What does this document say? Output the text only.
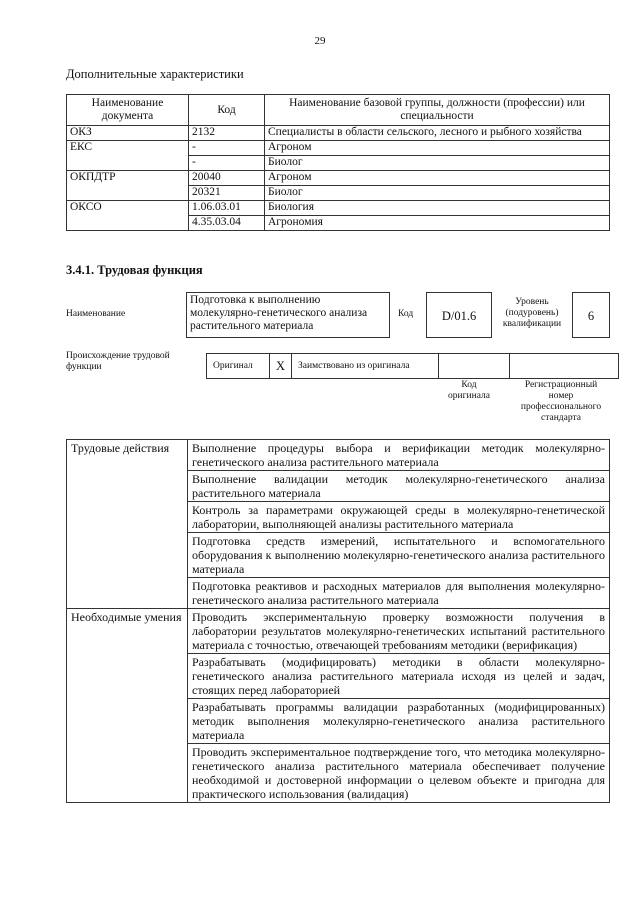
29
Дополнительные характеристики
Наименование документа	Код	Наименование базовой группы, должности (профессии) или специальности
ОКЗ	2132	Специалисты в области сельского, лесного и рыбного хозяйства
ЕКС	-	Агроном
	-	Биолог
ОКПДТР	20040	Агроном
	20321	Биолог
ОКСО	1.06.03.01	Биология
	4.35.03.04	Агрономия
3.4.1. Трудовая функция
Наименование
Подготовка к выполнению молекулярно-генетического анализа растительного материала
Код	D/01.6
Уровень (подуровень) квалификации
6
Происхождение трудовой функции	Оригинал	X	Заимствовано из оригинала		
Код оригинала
Регистрационный номер профессионального стандарта
Трудовые действия	Выполнение процедуры выбора и верификации методик молекулярно-генетического анализа растительного материала
	Выполнение валидации методик молекулярно-генетического анализа растительного материала
	Контроль за параметрами окружающей среды в молекулярно-генетической лаборатории, выполняющей анализы растительного материала
	Подготовка средств измерений, испытательного и вспомогательного оборудования к выполнению молекулярно-генетического анализа растительного материала
	Подготовка реактивов и расходных материалов для выполнения молекулярно-генетического анализа растительного материала
Необходимые умения	Проводить экспериментальную проверку возможности получения в лаборатории результатов молекулярно-генетических испытаний растительного материала с точностью, отвечающей требованиям методики (верификация)
	Разрабатывать (модифицировать) методики в области молекулярно-генетического анализа растительного материала исходя из целей и задач, стоящих перед лабораторией
	Разрабатывать программы валидации разработанных (модифицированных) методик выполнения молекулярно-генетического анализа растительного материала
	Проводить экспериментальное подтверждение того, что методика молекулярно-генетического анализа растительного материала обеспечивает получение необходимой и достоверной информации о целевом объекте и пригодна для практического использования (валидация)
